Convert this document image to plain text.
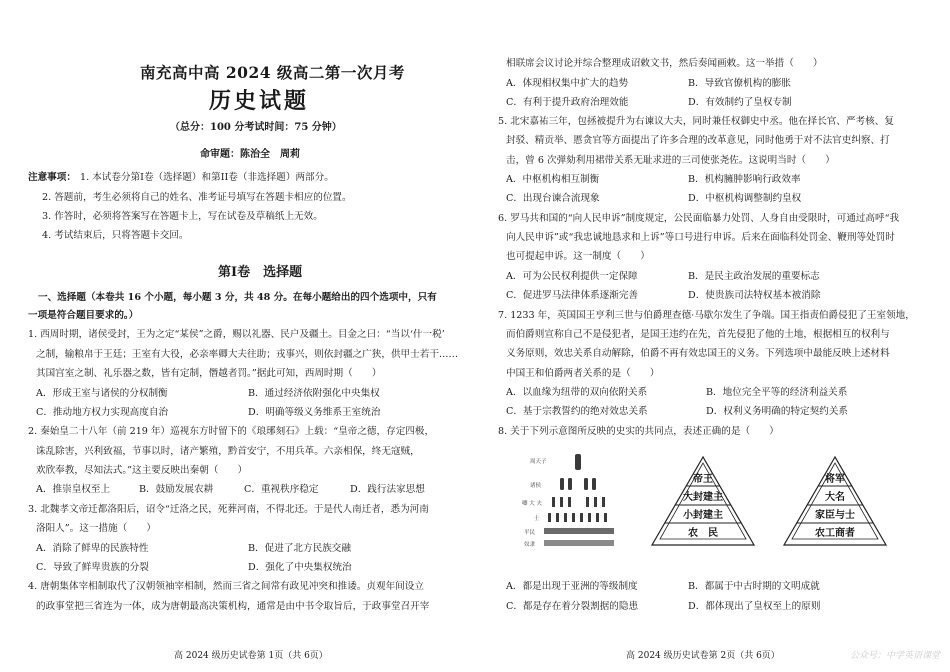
南充高中高 2024 级高二第一次月考
历史试题
（总分：100 分考试时间：75 分钟）
命审题：陈治全　周莉
注意事项： 1. 本试卷分第I卷（选择题）和第II卷（非选择题）两部分。
2. 答题前，考生必须将自己的姓名、准考证号填写在答题卡相应的位置。
3. 作答时，必须将答案写在答题卡上，写在试卷及草稿纸上无效。
4. 考试结束后，只将答题卡交回。
第I卷　选择题
一、选择题（本卷共 16 个小题，每小题 3 分，共 48 分。在每小题给出的四个选项中，只有
一项是符合题目要求的。）
1. 西周时期，诸侯受封，王为之定“某侯”之爵，赐以礼器、民户及疆土。目金之曰：“当以‘什一税’
之制，输粮帛于王廷；王室有大役，必亲率卿大夫往助；戎事兴，则依封疆之广狭，供甲士若干……
其国宫室之制、礼乐器之数，皆有定制，僭越者罚。”据此可知，西周时期（　　）
A．形成王室与诸侯的分权制衡	B．通过经济依附强化中央集权
C．推动地方权力实现高度自治	D．明确等级义务维系王室统治
2. 秦始皇二十八年（前 219 年）巡视东方时留下的《琅琊刻石》上载：“皇帝之德，存定四极，
诛乱除害，兴利致福，节事以时，诸产繁殖，黔首安宁，不用兵革。六亲相保，终无寇贼，
欢欣奉教，尽知法式。”这主要反映出秦朝（　　）
A．推崇皇权至上	B．鼓励发展农耕	C．重视秩序稳定	D．践行法家思想
3. 北魏孝文帝迁都洛阳后，诏令“迁洛之民，死葬河南，不得北还。于是代人南迁者，悉为河南
洛阳人”。这一措施（　　）
A．消除了鲜卑的民族特性	B．促进了北方民族交融
C．导致了鲜卑贵族的分裂	D．强化了中央集权统治
4. 唐朝集体宰相制取代了汉朝领袖宰相制，然而三省之间常有政见冲突和推诿。贞观年间设立
的政事堂把三省连为一体，成为唐朝最高决策机构，通常是由中书令取旨后，于政事堂召开宰
高 2024 级历史试卷第 1页（共 6页）
相联席会议讨论并综合整理成诏敕文书，然后奏闻画敕。这一举措（　　）
A．体现相权集中扩大的趋势	B．导致官僚机构的膨胀
C．有利于提升政府治理效能	D．有效制约了皇权专制
5. 北宋嘉祐三年，包拯被提升为右谏议大夫，同时兼任权御史中丞。他在择长官、严考核、复
封驳、精贡举、慝贪官等方面提出了许多合理的改革意见，同时他勇于对不法官吏纠察、打
击，曾 6 次弹劾利用裙带关系无耻求进的三司使张尧佐。这说明当时（　　）
A．中枢机构相互制衡	B．机构臃肿影响行政效率
C．出现台谏合流现象	D．中枢机构调整制约皇权
6. 罗马共和国的“向人民申诉”制度规定，公民面临暴力处罚、人身自由受限时，可通过高呼“我
向人民申诉”或“我忠诚地恳求和上诉”等口号进行申诉。后来在面临科处罚金、鞭刑等处罚时
也可提起申诉。这一制度（　　）
A．可为公民权利提供一定保障	B．是民主政治发展的重要标志
C．促进罗马法律体系逐渐完善	D．使贵族司法特权基本被消除
7. 1233 年，英国国王亨利三世与伯爵理查德·马歇尔发生了争端。国王指责伯爵侵犯了王室领地，
而伯爵则宣称自己不是侵犯者，是国王违约在先，首先侵犯了他的土地，根据相互的权利与
义务原则，效忠关系自动解除，伯爵不再有效忠国王的义务。下列选项中最能反映上述材料
中国王和伯爵两者关系的是（　　）
A．以血缘为纽带的双向依附关系	B．地位完全平等的经济利益关系
C．基于宗教誓约的绝对效忠关系	D．权利义务明确的特定契约关系
8. 关于下列示意图所反映的史实的共同点，表述正确的是（　　）
周天子
诸侯
卿 大 夫
士
平民
奴隶
帝王
大封建主
小封建主
农　民
将军
大名
家臣与士
农工商者
A．都是出现于亚洲的等级制度	B．都属于中古时期的文明成就
C．都是存在着分裂割据的隐患	D．都体现出了皇权至上的原则
高 2024 级历史试卷第 2页（共 6页）	公众号：中学英语课堂
